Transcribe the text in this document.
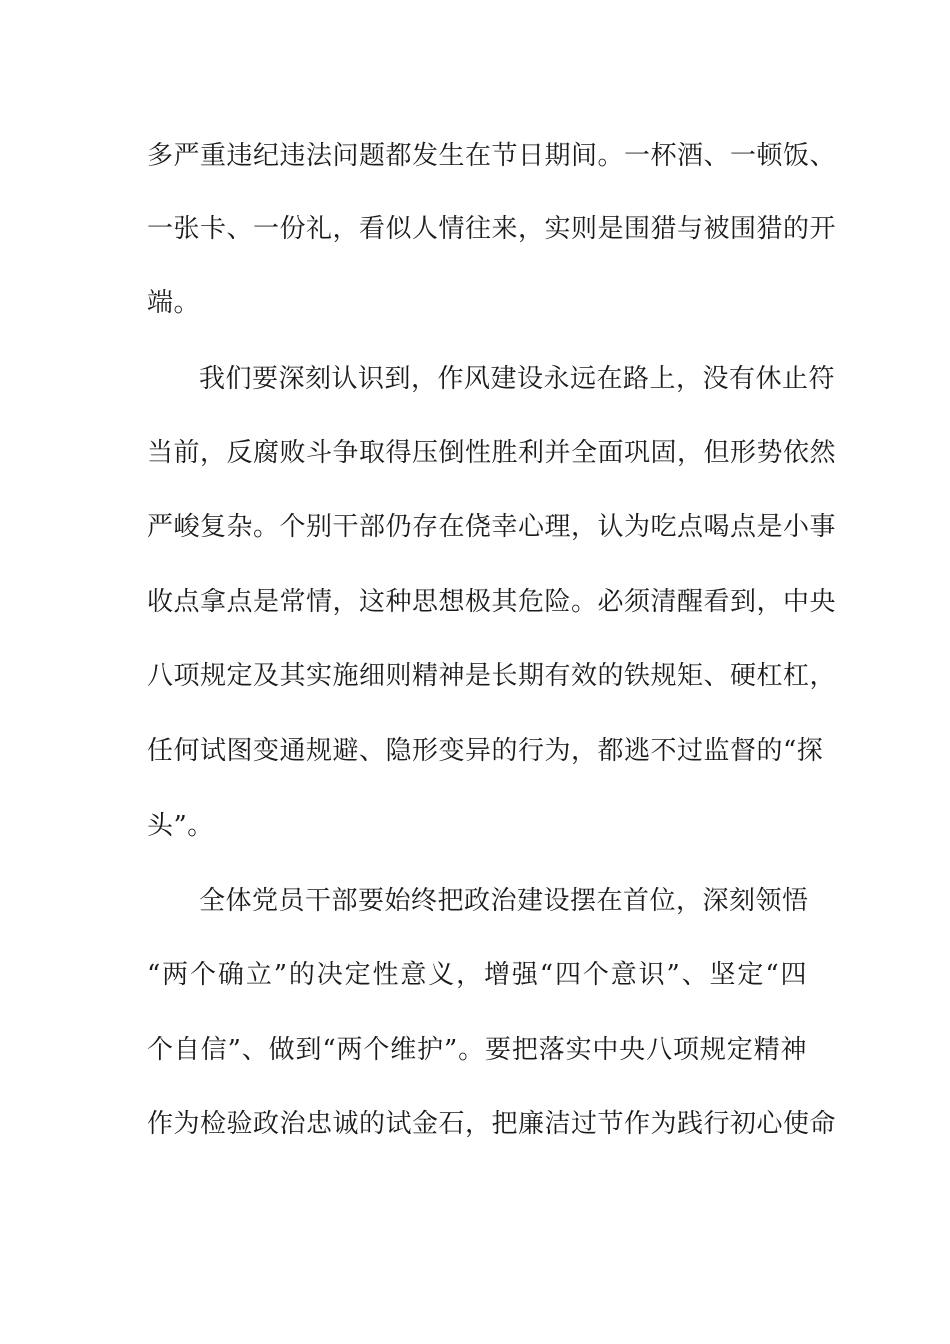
多严重违纪违法问题都发生在节日期间。一杯酒、一顿饭、
一张卡、一份礼，看似人情往来，实则是围猎与被围猎的开
端。
我们要深刻认识到，作风建设永远在路上，没有休止符
当前，反腐败斗争取得压倒性胜利并全面巩固，但形势依然
严峻复杂。个别干部仍存在侥幸心理，认为吃点喝点是小事
收点拿点是常情，这种思想极其危险。必须清醒看到，中央
八项规定及其实施细则精神是长期有效的铁规矩、硬杠杠，
任何试图变通规避、隐形变异的行为，都逃不过监督的“探
头”。
全体党员干部要始终把政治建设摆在首位，深刻领悟
“两个确立”的决定性意义，增强“四个意识”、坚定“四
个自信”、做到“两个维护”。要把落实中央八项规定精神
作为检验政治忠诚的试金石，把廉洁过节作为践行初心使命
